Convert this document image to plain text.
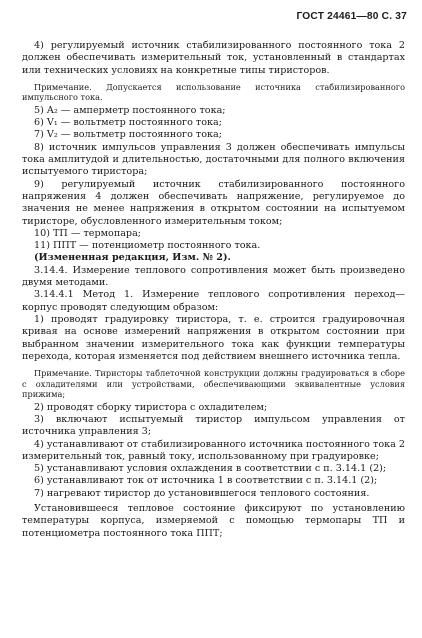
ГОСТ 24461—80 С. 37

4) регулируемый источник стабилизированного постоянного тока 2 должен обеспечивать измерительный ток, установленный в стандартах или технических условиях на конкретные типы тиристоров.

Примечание. Допускается использование источника стабилизированного импульсного тока.

5) A₂ — амперметр постоянного тока;

6) V₁ — вольтметр постоянного тока;

7) V₂ — вольтметр постоянного тока;

8) источник импульсов управления 3 должен обеспечивать импульсы тока амплитудой и длительностью, достаточными для полного включения испытуемого тиристора;

9) регулируемый источник стабилизированного постоянного напряжения 4 должен обеспечивать напряжение, регулируемое до значения не менее напряжения в открытом состоянии на испытуемом тиристоре, обусловленного измерительным током;

10) ТП — термопара;

11) ППТ — потенциометр постоянного тока.

(Измененная редакция, Изм. № 2).

3.14.4. Измерение теплового сопротивления может быть произведено двумя методами.

3.14.4.1 Метод 1. Измерение теплового сопротивления переход— корпус проводят следующим образом:

1) проводят градуировку тиристора, т. е. строится градуировочная кривая на основе измерений напряжения в открытом состоянии при выбранном значении измерительного тока как функции температуры перехода, которая изменяется под действием внешнего источника тепла.

Примечание. Тиристоры таблеточной конструкции должны градуироваться в сборе с охладителями или устройствами, обеспечивающими эквивалентные условия прижима;

2) проводят сборку тиристора с охладителем;

3) включают испытуемый тиристор импульсом управления от источника управления 3;

4) устанавливают от стабилизированного источника постоянного тока 2 измерительный ток, равный току, использованному при градуировке;

5) устанавливают условия охлаждения в соответствии с п. 3.14.1 (2);

6) устанавливают ток от источника 1 в соответствии с п. 3.14.1 (2);

7) нагревают тиристор до установившегося теплового состояния.

Установившееся тепловое состояние фиксируют по установлению температуры корпуса, измеряемой с помощью термопары ТП и потенциометра постоянного тока ППТ;
